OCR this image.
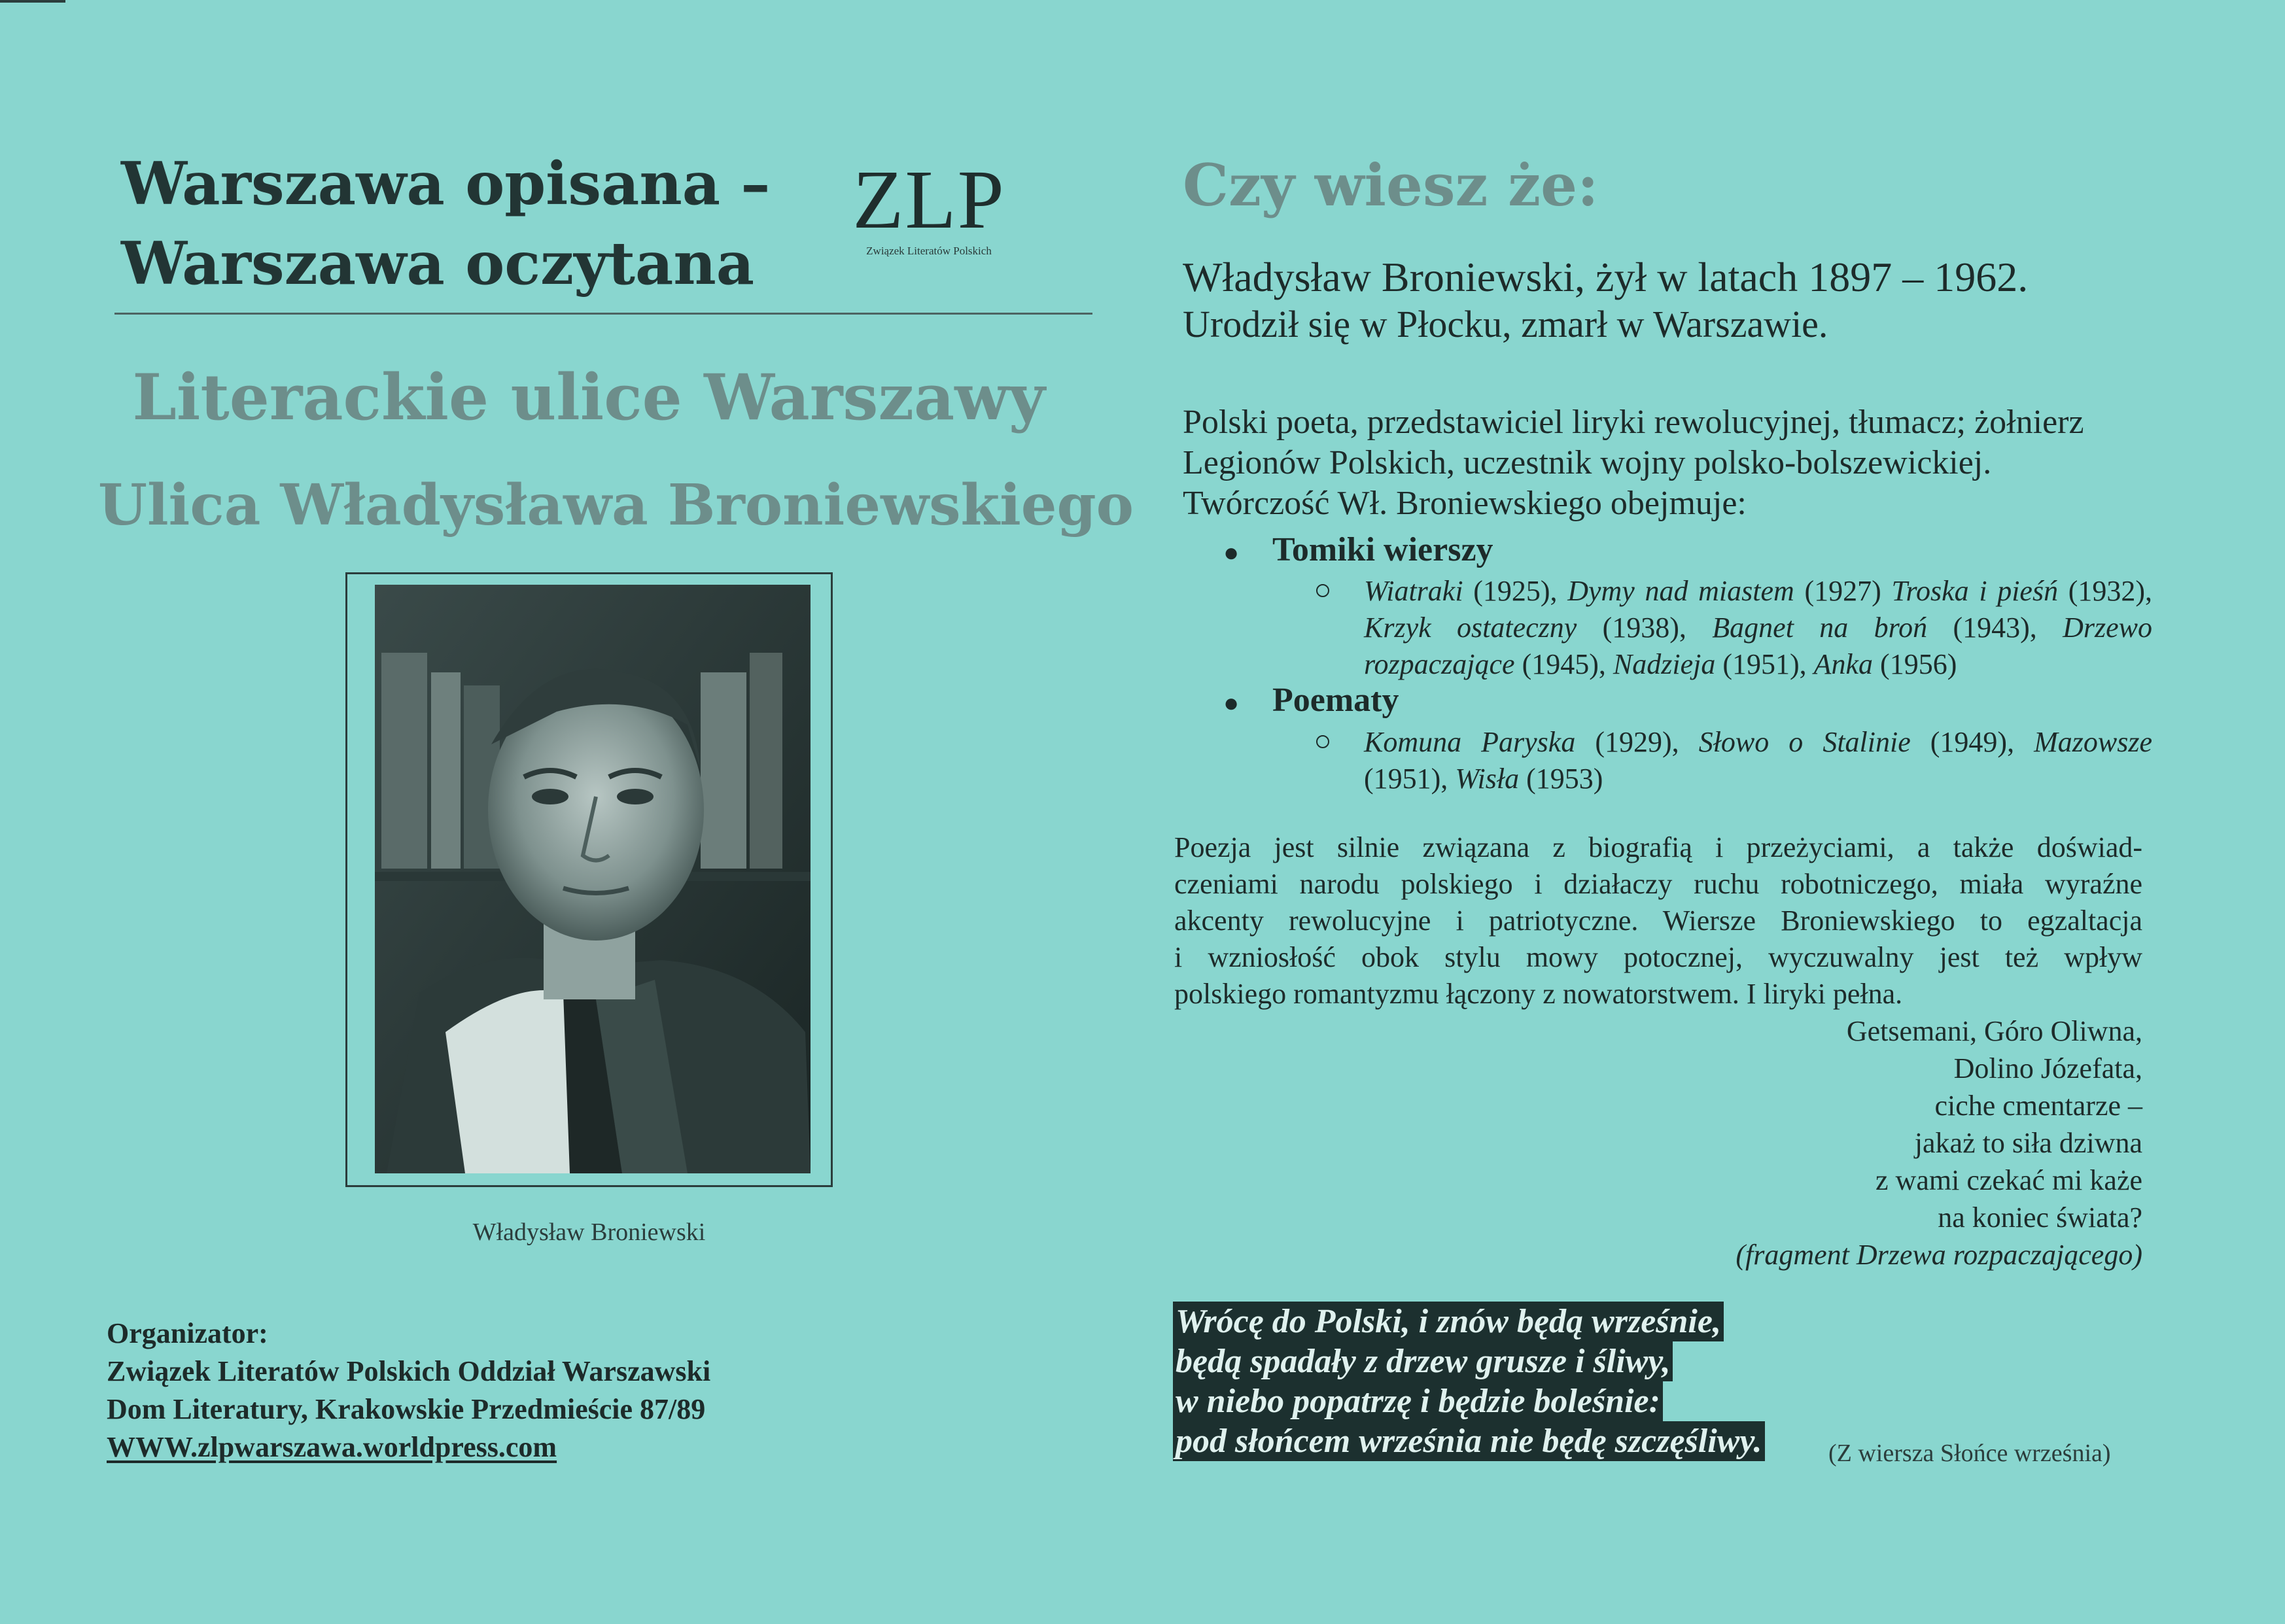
Warszawa opisana –
Warszawa oczytana
ZLP
Związek Literatów Polskich
Literackie ulice Warszawy
Ulica Władysława Broniewskiego
Władysław Broniewski
Organizator:
Związek Literatów Polskich Oddział Warszawski
Dom Literatury, Krakowskie Przedmieście 87/89
WWW.zlpwarszawa.worldpress.com
Czy wiesz że:
Władysław Broniewski, żył w latach 1897 – 1962.
Urodził się w Płocku, zmarł w Warszawie.
Polski poeta, przedstawiciel liryki rewolucyjnej, tłumacz; żołnierz
Legionów Polskich, uczestnik wojny polsko-bolszewickiej.
Twórczość Wł. Broniewskiego obejmuje:
● Tomiki wierszy
Wiatraki (1925), Dymy nad miastem (1927) Troska i pieśń (1932), Krzyk ostateczny (1938), Bagnet na broń (1943), Drzewo rozpaczające (1945), Nadzieja (1951), Anka (1956)
● Poematy
Komuna Paryska (1929), Słowo o Stalinie (1949), Mazowsze (1951), Wisła (1953)
Poezja jest silnie związana z biografią i przeżyciami, a także doświad-
czeniami narodu polskiego i działaczy ruchu robotniczego, miała wyraźne
akcenty rewolucyjne i patriotyczne. Wiersze Broniewskiego to egzaltacja
i wzniosłość obok stylu mowy potocznej, wyczuwalny jest też wpływ
polskiego romantyzmu łączony z nowatorstwem. I liryki pełna.
Getsemani, Góro Oliwna,
Dolino Józefata,
ciche cmentarze –
jakaż to siła dziwna
z wami czekać mi każe
na koniec świata?
(fragment Drzewa rozpaczającego)
Wrócę do Polski, i znów będą wrześnie,
będą spadały z drzew grusze i śliwy,
w niebo popatrzę i będzie boleśnie:
pod słońcem września nie będę szczęśliwy.	(Z wiersza Słońce września)
